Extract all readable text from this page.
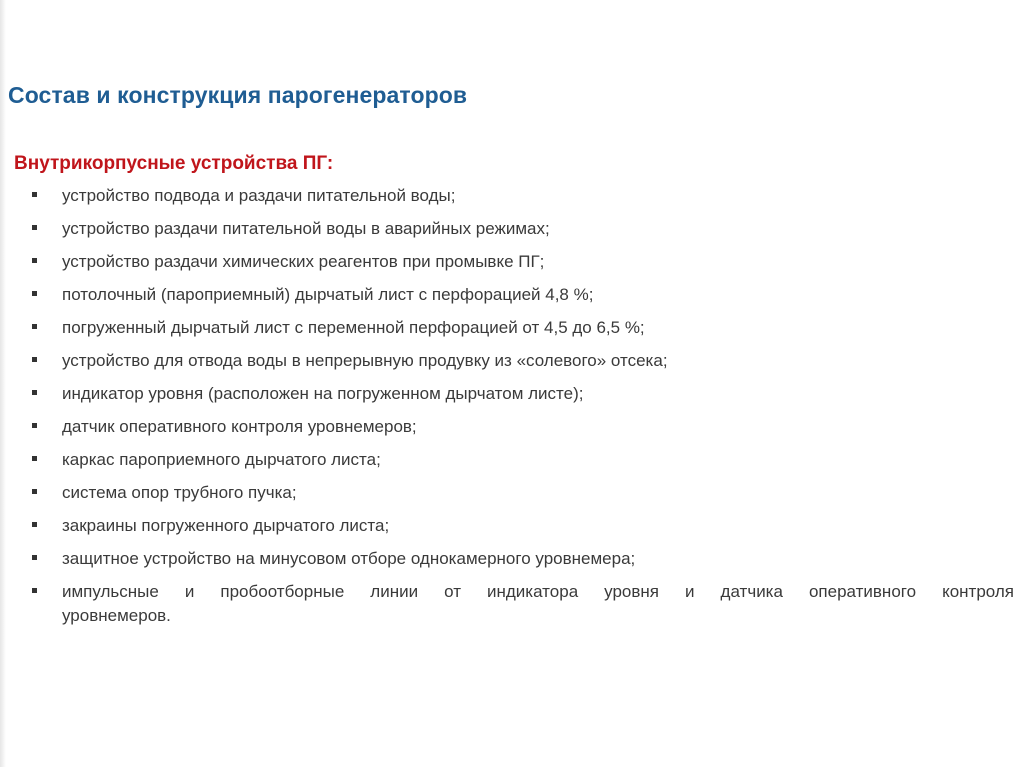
Состав и конструкция парогенераторов
Внутрикорпусные устройства ПГ:
устройство подвода и раздачи питательной воды;
устройство раздачи питательной воды в аварийных режимах;
устройство раздачи химических реагентов при промывке ПГ;
потолочный (пароприемный) дырчатый лист с перфорацией 4,8 %;
погруженный дырчатый лист с переменной перфорацией от 4,5 до 6,5 %;
устройство для отвода воды в непрерывную продувку из «солевого» отсека;
индикатор уровня (расположен на погруженном дырчатом листе);
датчик оперативного контроля уровнемеров;
каркас пароприемного дырчатого листа;
система опор трубного пучка;
закраины погруженного дырчатого листа;
защитное устройство на минусовом отборе однокамерного уровнемера;
импульсные и пробоотборные линии от индикатора уровня и датчика оперативного контроля
уровнемеров.
